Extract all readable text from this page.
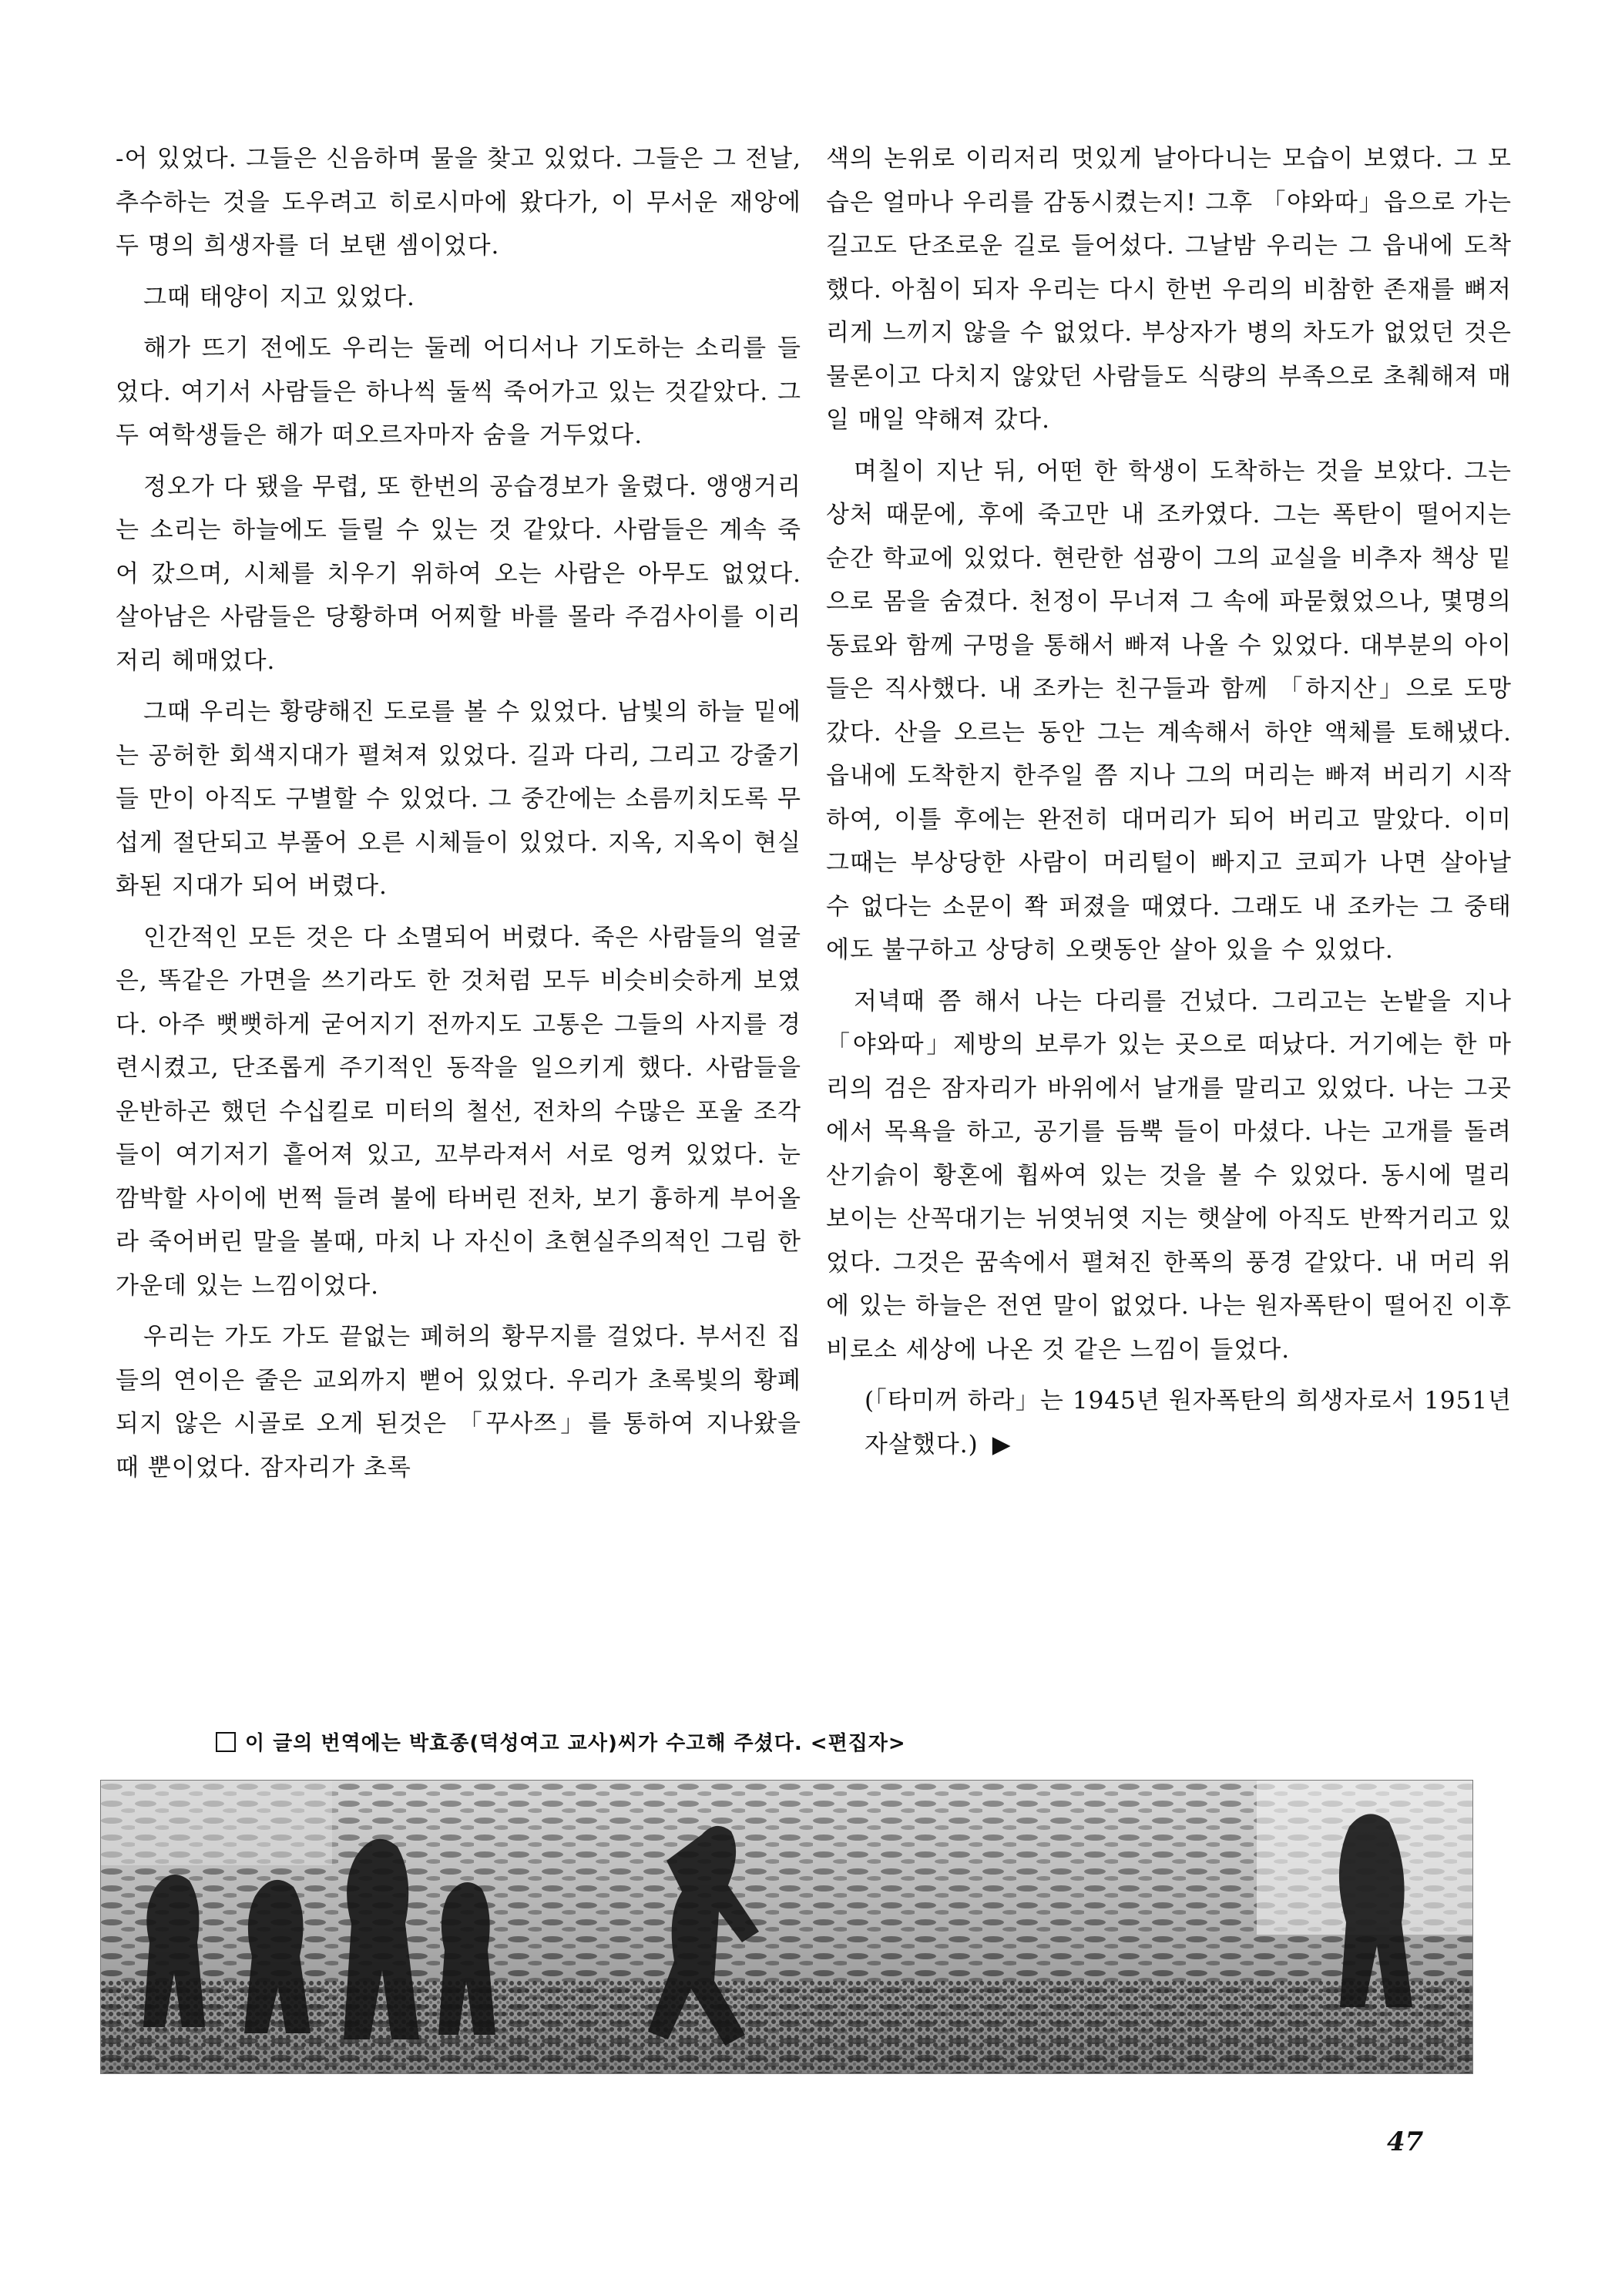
-어 있었다. 그들은 신음하며 물을 찾고 있었다. 그들은 그 전날, 추수하는 것을 도우려고 히로시마에 왔다가, 이 무서운 재앙에 두 명의 희생자를 더 보탠 셈이었다.

그때 태양이 지고 있었다.

해가 뜨기 전에도 우리는 둘레 어디서나 기도하는 소리를 들었다. 여기서 사람들은 하나씩 둘씩 죽어가고 있는 것같았다. 그 두 여학생들은 해가 떠오르자마자 숨을 거두었다.

정오가 다 됐을 무렵, 또 한번의 공습경보가 울렸다. 앵앵거리는 소리는 하늘에도 들릴 수 있는 것 같았다. 사람들은 계속 죽어 갔으며, 시체를 치우기 위하여 오는 사람은 아무도 없었다. 살아남은 사람들은 당황하며 어찌할 바를 몰라 주검사이를 이리저리 헤매었다.

그때 우리는 황량해진 도로를 볼 수 있었다. 남빛의 하늘 밑에는 공허한 회색지대가 펼쳐져 있었다. 길과 다리, 그리고 강줄기들 만이 아직도 구별할 수 있었다. 그 중간에는 소름끼치도록 무섭게 절단되고 부풀어 오른 시체들이 있었다. 지옥, 지옥이 현실화된 지대가 되어 버렸다.

인간적인 모든 것은 다 소멸되어 버렸다. 죽은 사람들의 얼굴은, 똑같은 가면을 쓰기라도 한 것처럼 모두 비슷비슷하게 보였다. 아주 뻣뻣하게 굳어지기 전까지도 고통은 그들의 사지를 경련시켰고, 단조롭게 주기적인 동작을 일으키게 했다. 사람들을 운반하곤 했던 수십킬로 미터의 철선, 전차의 수많은 포울 조각들이 여기저기 흩어져 있고, 꼬부라져서 서로 엉켜 있었다. 눈 깜박할 사이에 번쩍 들려 불에 타버린 전차, 보기 흉하게 부어올라 죽어버린 말을 볼때, 마치 나 자신이 초현실주의적인 그림 한가운데 있는 느낌이었다.

우리는 가도 가도 끝없는 폐허의 황무지를 걸었다. 부서진 집들의 연이은 줄은 교외까지 뻗어 있었다. 우리가 초록빛의 황폐되지 않은 시골로 오게 된것은 「꾸사쯔」를 통하여 지나왔을 때 뿐이었다. 잠자리가 초록

색의 논위로 이리저리 멋있게 날아다니는 모습이 보였다. 그 모습은 얼마나 우리를 감동시켰는지! 그후 「야와따」읍으로 가는 길고도 단조로운 길로 들어섰다. 그날밤 우리는 그 읍내에 도착했다. 아침이 되자 우리는 다시 한번 우리의 비참한 존재를 뼈저리게 느끼지 않을 수 없었다. 부상자가 병의 차도가 없었던 것은 물론이고 다치지 않았던 사람들도 식량의 부족으로 초췌해져 매일 매일 약해져 갔다.

며칠이 지난 뒤, 어떤 한 학생이 도착하는 것을 보았다. 그는 상처 때문에, 후에 죽고만 내 조카였다. 그는 폭탄이 떨어지는 순간 학교에 있었다. 현란한 섬광이 그의 교실을 비추자 책상 밑으로 몸을 숨겼다. 천정이 무너져 그 속에 파묻혔었으나, 몇명의 동료와 함께 구멍을 통해서 빠져 나올 수 있었다. 대부분의 아이들은 직사했다. 내 조카는 친구들과 함께 「하지산」으로 도망갔다. 산을 오르는 동안 그는 계속해서 하얀 액체를 토해냈다. 읍내에 도착한지 한주일 쯤 지나 그의 머리는 빠져 버리기 시작하여, 이틀 후에는 완전히 대머리가 되어 버리고 말았다. 이미 그때는 부상당한 사람이 머리털이 빠지고 코피가 나면 살아날 수 없다는 소문이 쫙 퍼졌을 때였다. 그래도 내 조카는 그 중태에도 불구하고 상당히 오랫동안 살아 있을 수 있었다.

저녁때 쯤 해서 나는 다리를 건넜다. 그리고는 논밭을 지나 「야와따」제방의 보루가 있는 곳으로 떠났다. 거기에는 한 마리의 검은 잠자리가 바위에서 날개를 말리고 있었다. 나는 그곳에서 목욕을 하고, 공기를 듬뿍 들이 마셨다. 나는 고개를 돌려 산기슭이 황혼에 휩싸여 있는 것을 볼 수 있었다. 동시에 멀리 보이는 산꼭대기는 뉘엿뉘엿 지는 햇살에 아직도 반짝거리고 있었다. 그것은 꿈속에서 펼쳐진 한폭의 풍경 같았다. 내 머리 위에 있는 하늘은 전연 말이 없었다. 나는 원자폭탄이 떨어진 이후 비로소 세상에 나온 것 같은 느낌이 들었다.

(「타미꺼 하라」는 1945년 원자폭탄의 희생자로서 1951년 자살했다.) ▶

이 글의 번역에는 박효종(덕성여고 교사)씨가 수고해 주셨다. <편집자>
47
